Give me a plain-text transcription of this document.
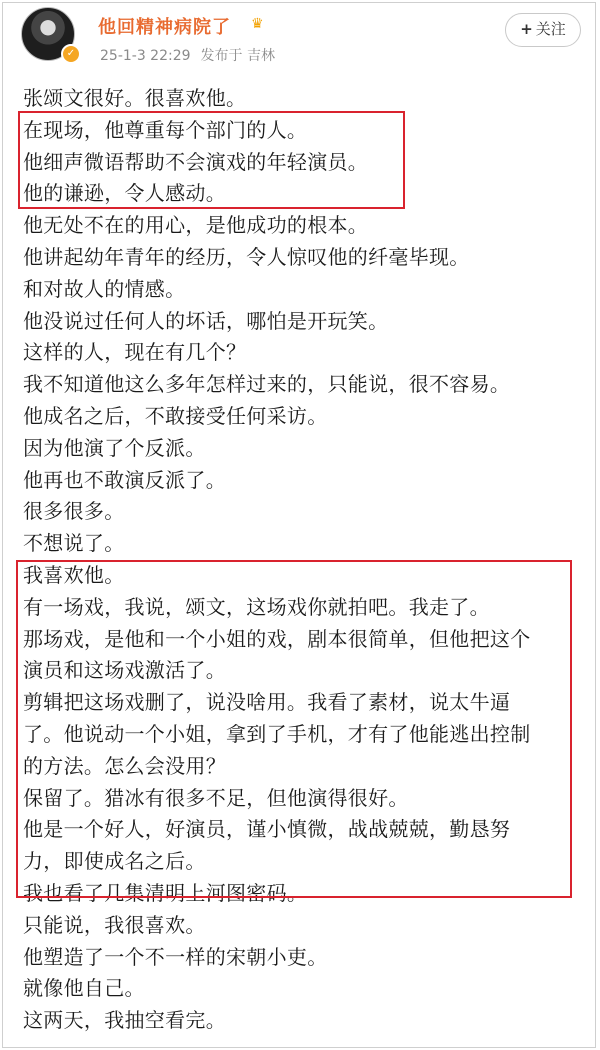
✓
他回精神病院了 ♛
25-1-3 22:29 发布于 吉林
+ 关注
张颂文很好。很喜欢他。
在现场，他尊重每个部门的人。
他细声微语帮助不会演戏的年轻演员。
他的谦逊，令人感动。
他无处不在的用心，是他成功的根本。
他讲起幼年青年的经历，令人惊叹他的纤毫毕现。
和对故人的情感。
他没说过任何人的坏话，哪怕是开玩笑。
这样的人，现在有几个？
我不知道他这么多年怎样过来的，只能说，很不容易。
他成名之后，不敢接受任何采访。
因为他演了个反派。
他再也不敢演反派了。
很多很多。
不想说了。
我喜欢他。
有一场戏，我说，颂文，这场戏你就拍吧。我走了。
那场戏，是他和一个小姐的戏，剧本很简单，但他把这个
演员和这场戏激活了。
剪辑把这场戏删了，说没啥用。我看了素材，说太牛逼
了。他说动一个小姐，拿到了手机，才有了他能逃出控制
的方法。怎么会没用？
保留了。猎冰有很多不足，但他演得很好。
他是一个好人，好演员，谨小慎微，战战兢兢，勤恳努
力，即使成名之后。
我也看了几集清明上河图密码。
只能说，我很喜欢。
他塑造了一个不一样的宋朝小吏。
就像他自己。
这两天，我抽空看完。
